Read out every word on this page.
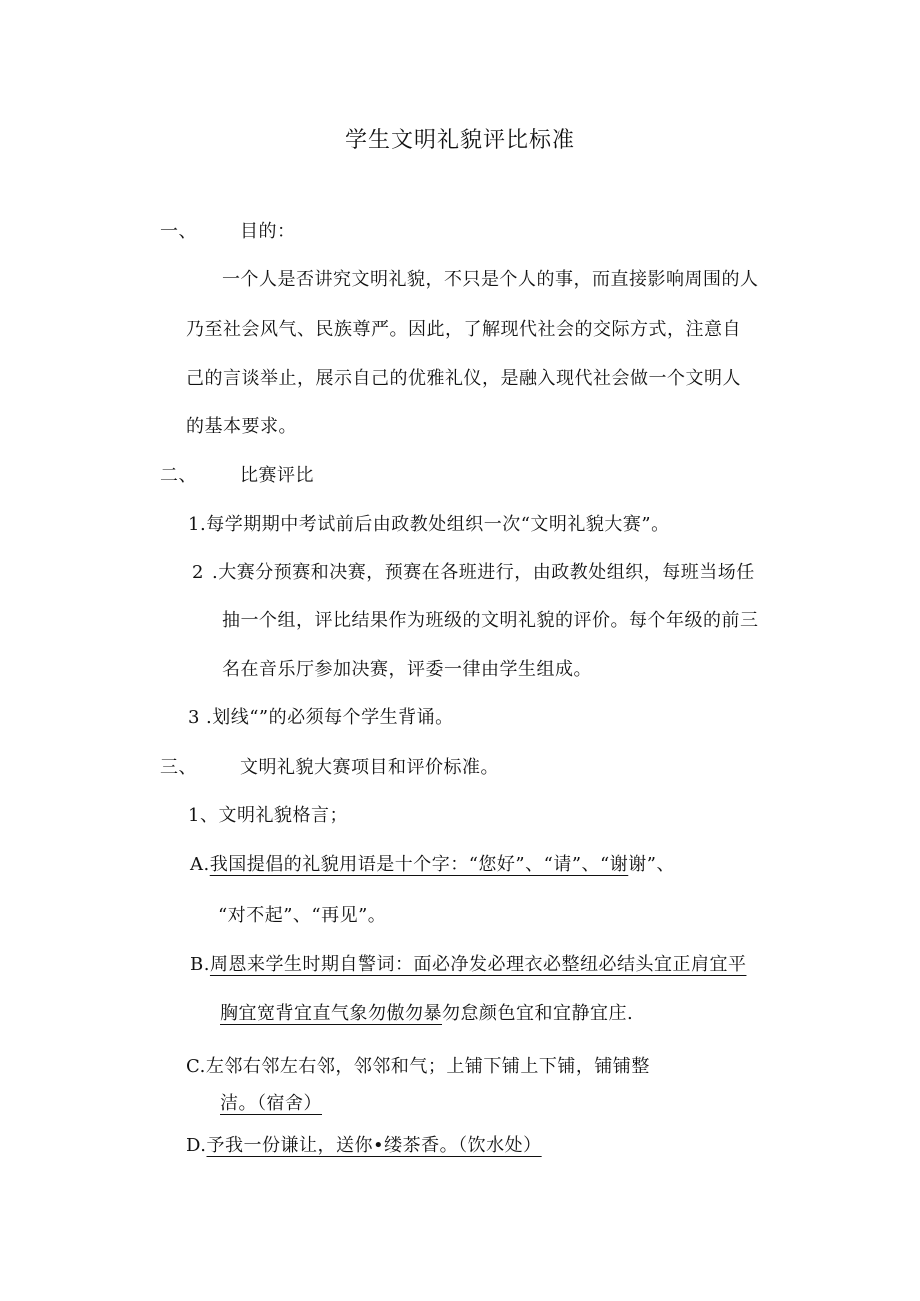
学生文明礼貌评比标准
一、 目的：
一个人是否讲究文明礼貌，不只是个人的事，而直接影响周围的人
乃至社会风气、民族尊严。因此，了解现代社会的交际方式，注意自
己的言谈举止，展示自己的优雅礼仪，是融入现代社会做一个文明人
的基本要求。
二、 比赛评比
1 .每学期期中考试前后由政教处组织一次“文明礼貌大赛”。
2 .大赛分预赛和决赛，预赛在各班进行，由政教处组织，每班当场任
抽一个组，评比结果作为班级的文明礼貌的评价。每个年级的前三
名在音乐厅参加决赛，评委一律由学生组成。
3 .划线“”的必须每个学生背诵。
三、 文明礼貌大赛项目和评价标准。
1、文明礼貌格言；
A.我国提倡的礼貌用语是十个字：“您好”、“请”、“谢谢”、
“对不起”、“再见”。
B.周恩来学生时期自警词：面必净发必理衣必整纽必结头宜正肩宜平
胸宜宽背宜直气象勿傲勿暴勿怠颜色宜和宜静宜庄.
C.左邻右邻左右邻，邻邻和气；上铺下铺上下铺，铺铺整
洁。（宿舍）
D.予我一份谦让，送你•缕茶香。（饮水处）
